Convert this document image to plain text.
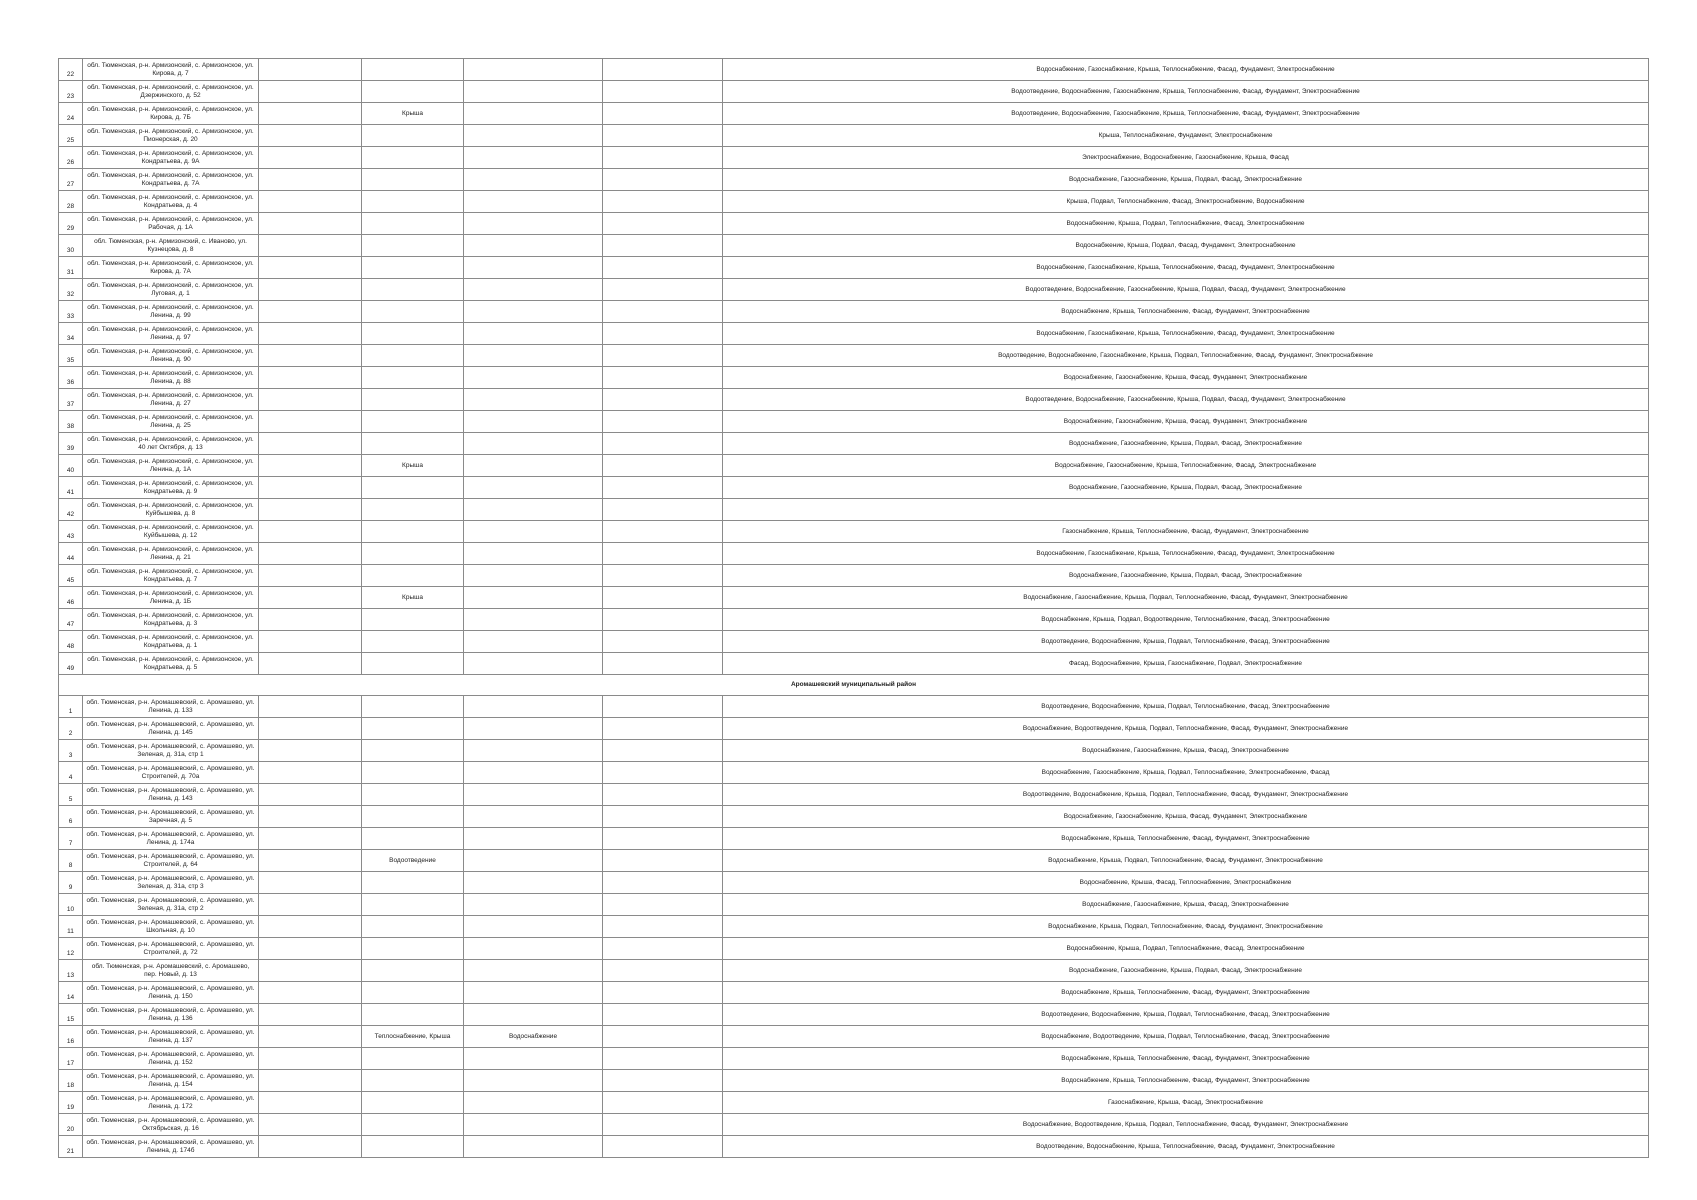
22	обл. Тюменская, р-н. Армизонский, с. Армизонское, ул. Кирова, д. 7					Водоснабжение, Газоснабжение, Крыша, Теплоснабжение, Фасад, Фундамент, Электроснабжение
23	обл. Тюменская, р-н. Армизонский, с. Армизонское, ул. Дзержинского, д. 52					Водоотведение, Водоснабжение, Газоснабжение, Крыша, Теплоснабжение, Фасад, Фундамент, Электроснабжение
24	обл. Тюменская, р-н. Армизонский, с. Армизонское, ул. Кирова, д. 7Б		Крыша			Водоотведение, Водоснабжение, Газоснабжение, Крыша, Теплоснабжение, Фасад, Фундамент, Электроснабжение
25	обл. Тюменская, р-н. Армизонский, с. Армизонское, ул. Пионерская, д. 20					Крыша, Теплоснабжение, Фундамент, Электроснабжение
26	обл. Тюменская, р-н. Армизонский, с. Армизонское, ул. Кондратьева, д. 9А					Электроснабжение, Водоснабжение, Газоснабжение, Крыша, Фасад
27	обл. Тюменская, р-н. Армизонский, с. Армизонское, ул. Кондратьева, д. 7А					Водоснабжение, Газоснабжение, Крыша, Подвал, Фасад, Электроснабжение
28	обл. Тюменская, р-н. Армизонский, с. Армизонское, ул. Кондратьева, д. 4					Крыша, Подвал, Теплоснабжение, Фасад, Электроснабжение, Водоснабжение
29	обл. Тюменская, р-н. Армизонский, с. Армизонское, ул. Рабочая, д. 1А					Водоснабжение, Крыша, Подвал, Теплоснабжение, Фасад, Электроснабжение
30	обл. Тюменская, р-н. Армизонский, с. Иваново, ул. Кузнецова, д. 8					Водоснабжение, Крыша, Подвал, Фасад, Фундамент, Электроснабжение
31	обл. Тюменская, р-н. Армизонский, с. Армизонское, ул. Кирова, д. 7А					Водоснабжение, Газоснабжение, Крыша, Теплоснабжение, Фасад, Фундамент, Электроснабжение
32	обл. Тюменская, р-н. Армизонский, с. Армизонское, ул. Луговая, д. 1					Водоотведение, Водоснабжение, Газоснабжение, Крыша, Подвал, Фасад, Фундамент, Электроснабжение
33	обл. Тюменская, р-н. Армизонский, с. Армизонское, ул. Ленина, д. 99					Водоснабжение, Крыша, Теплоснабжение, Фасад, Фундамент, Электроснабжение
34	обл. Тюменская, р-н. Армизонский, с. Армизонское, ул. Ленина, д. 97					Водоснабжение, Газоснабжение, Крыша, Теплоснабжение, Фасад, Фундамент, Электроснабжение
35	обл. Тюменская, р-н. Армизонский, с. Армизонское, ул. Ленина, д. 90					Водоотведение, Водоснабжение, Газоснабжение, Крыша, Подвал, Теплоснабжение, Фасад, Фундамент, Электроснабжение
36	обл. Тюменская, р-н. Армизонский, с. Армизонское, ул. Ленина, д. 88					Водоснабжение, Газоснабжение, Крыша, Фасад, Фундамент, Электроснабжение
37	обл. Тюменская, р-н. Армизонский, с. Армизонское, ул. Ленина, д. 27					Водоотведение, Водоснабжение, Газоснабжение, Крыша, Подвал, Фасад, Фундамент, Электроснабжение
38	обл. Тюменская, р-н. Армизонский, с. Армизонское, ул. Ленина, д. 25					Водоснабжение, Газоснабжение, Крыша, Фасад, Фундамент, Электроснабжение
39	обл. Тюменская, р-н. Армизонский, с. Армизонское, ул. 40 лет Октября, д. 13					Водоснабжение, Газоснабжение, Крыша, Подвал, Фасад, Электроснабжение
40	обл. Тюменская, р-н. Армизонский, с. Армизонское, ул. Ленина, д. 1А		Крыша			Водоснабжение, Газоснабжение, Крыша, Теплоснабжение, Фасад, Электроснабжение
41	обл. Тюменская, р-н. Армизонский, с. Армизонское, ул. Кондратьева, д. 9					Водоснабжение, Газоснабжение, Крыша, Подвал, Фасад, Электроснабжение
42	обл. Тюменская, р-н. Армизонский, с. Армизонское, ул. Куйбышева, д. 8					
43	обл. Тюменская, р-н. Армизонский, с. Армизонское, ул. Куйбышева, д. 12					Газоснабжение, Крыша, Теплоснабжение, Фасад, Фундамент, Электроснабжение
44	обл. Тюменская, р-н. Армизонский, с. Армизонское, ул. Ленина, д. 21					Водоснабжение, Газоснабжение, Крыша, Теплоснабжение, Фасад, Фундамент, Электроснабжение
45	обл. Тюменская, р-н. Армизонский, с. Армизонское, ул. Кондратьева, д. 7					Водоснабжение, Газоснабжение, Крыша, Подвал, Фасад, Электроснабжение
46	обл. Тюменская, р-н. Армизонский, с. Армизонское, ул. Ленина, д. 1Б		Крыша			Водоснабжение, Газоснабжение, Крыша, Подвал, Теплоснабжение, Фасад, Фундамент, Электроснабжение
47	обл. Тюменская, р-н. Армизонский, с. Армизонское, ул. Кондратьева, д. 3					Водоснабжение, Крыша, Подвал, Водоотведение, Теплоснабжение, Фасад, Электроснабжение
48	обл. Тюменская, р-н. Армизонский, с. Армизонское, ул. Кондратьева, д. 1					Водоотведение, Водоснабжение, Крыша, Подвал, Теплоснабжение, Фасад, Электроснабжение
49	обл. Тюменская, р-н. Армизонский, с. Армизонское, ул. Кондратьева, д. 5					Фасад, Водоснабжение, Крыша, Газоснабжение, Подвал, Электроснабжение
Аромашевский муниципальный район						
1	обл. Тюменская, р-н. Аромашевский, с. Аромашево, ул. Ленина, д. 133					Водоотведение, Водоснабжение, Крыша, Подвал, Теплоснабжение, Фасад, Электроснабжение
2	обл. Тюменская, р-н. Аромашевский, с. Аромашево, ул. Ленина, д. 145					Водоснабжение, Водоотведение, Крыша, Подвал, Теплоснабжение, Фасад, Фундамент, Электроснабжение
3	обл. Тюменская, р-н. Аромашевский, с. Аромашево, ул. Зеленая, д. 31а, стр 1					Водоснабжение, Газоснабжение, Крыша, Фасад, Электроснабжение
4	обл. Тюменская, р-н. Аромашевский, с. Аромашево, ул. Строителей, д. 70а					Водоснабжение, Газоснабжение, Крыша, Подвал, Теплоснабжение, Электроснабжение, Фасад
5	обл. Тюменская, р-н. Аромашевский, с. Аромашево, ул. Ленина, д. 143					Водоотведение, Водоснабжение, Крыша, Подвал, Теплоснабжение, Фасад, Фундамент, Электроснабжение
6	обл. Тюменская, р-н. Аромашевский, с. Аромашево, ул. Заречная, д. 5					Водоснабжение, Газоснабжение, Крыша, Фасад, Фундамент, Электроснабжение
7	обл. Тюменская, р-н. Аромашевский, с. Аромашево, ул. Ленина, д. 174а					Водоснабжение, Крыша, Теплоснабжение, Фасад, Фундамент, Электроснабжение
8	обл. Тюменская, р-н. Аромашевский, с. Аромашево, ул. Строителей, д. 64		Водоотведение			Водоснабжение, Крыша, Подвал, Теплоснабжение, Фасад, Фундамент, Электроснабжение
9	обл. Тюменская, р-н. Аромашевский, с. Аромашево, ул. Зеленая, д. 31а, стр 3					Водоснабжение, Крыша, Фасад, Теплоснабжение, Электроснабжение
10	обл. Тюменская, р-н. Аромашевский, с. Аромашево, ул. Зеленая, д. 31а, стр 2					Водоснабжение, Газоснабжение, Крыша, Фасад, Электроснабжение
11	обл. Тюменская, р-н. Аромашевский, с. Аромашево, ул. Школьная, д. 10					Водоснабжение, Крыша, Подвал, Теплоснабжение, Фасад, Фундамент, Электроснабжение
12	обл. Тюменская, р-н. Аромашевский, с. Аромашево, ул. Строителей, д. 72					Водоснабжение, Крыша, Подвал, Теплоснабжение, Фасад, Электроснабжение
13	обл. Тюменская, р-н. Аромашевский, с. Аромашево, пер. Новый, д. 13					Водоснабжение, Газоснабжение, Крыша, Подвал, Фасад, Электроснабжение
14	обл. Тюменская, р-н. Аромашевский, с. Аромашево, ул. Ленина, д. 150					Водоснабжение, Крыша, Теплоснабжение, Фасад, Фундамент, Электроснабжение
15	обл. Тюменская, р-н. Аромашевский, с. Аромашево, ул. Ленина, д. 136					Водоотведение, Водоснабжение, Крыша, Подвал, Теплоснабжение, Фасад, Электроснабжение
16	обл. Тюменская, р-н. Аромашевский, с. Аромашево, ул. Ленина, д. 137		Теплоснабжение, Крыша	Водоснабжение		Водоснабжение, Водоотведение, Крыша, Подвал, Теплоснабжение, Фасад, Электроснабжение
17	обл. Тюменская, р-н. Аромашевский, с. Аромашево, ул. Ленина, д. 152					Водоснабжение, Крыша, Теплоснабжение, Фасад, Фундамент, Электроснабжение
18	обл. Тюменская, р-н. Аромашевский, с. Аромашево, ул. Ленина, д. 154					Водоснабжение, Крыша, Теплоснабжение, Фасад, Фундамент, Электроснабжение
19	обл. Тюменская, р-н. Аромашевский, с. Аромашево, ул. Ленина, д. 172					Газоснабжение, Крыша, Фасад, Электроснабжение
20	обл. Тюменская, р-н. Аромашевский, с. Аромашево, ул. Октябрьская, д. 16					Водоснабжение, Водоотведение, Крыша, Подвал, Теплоснабжение, Фасад, Фундамент, Электроснабжение
21	обл. Тюменская, р-н. Аромашевский, с. Аромашево, ул. Ленина, д. 174б					Водоотведение, Водоснабжение, Крыша, Теплоснабжение, Фасад, Фундамент, Электроснабжение
